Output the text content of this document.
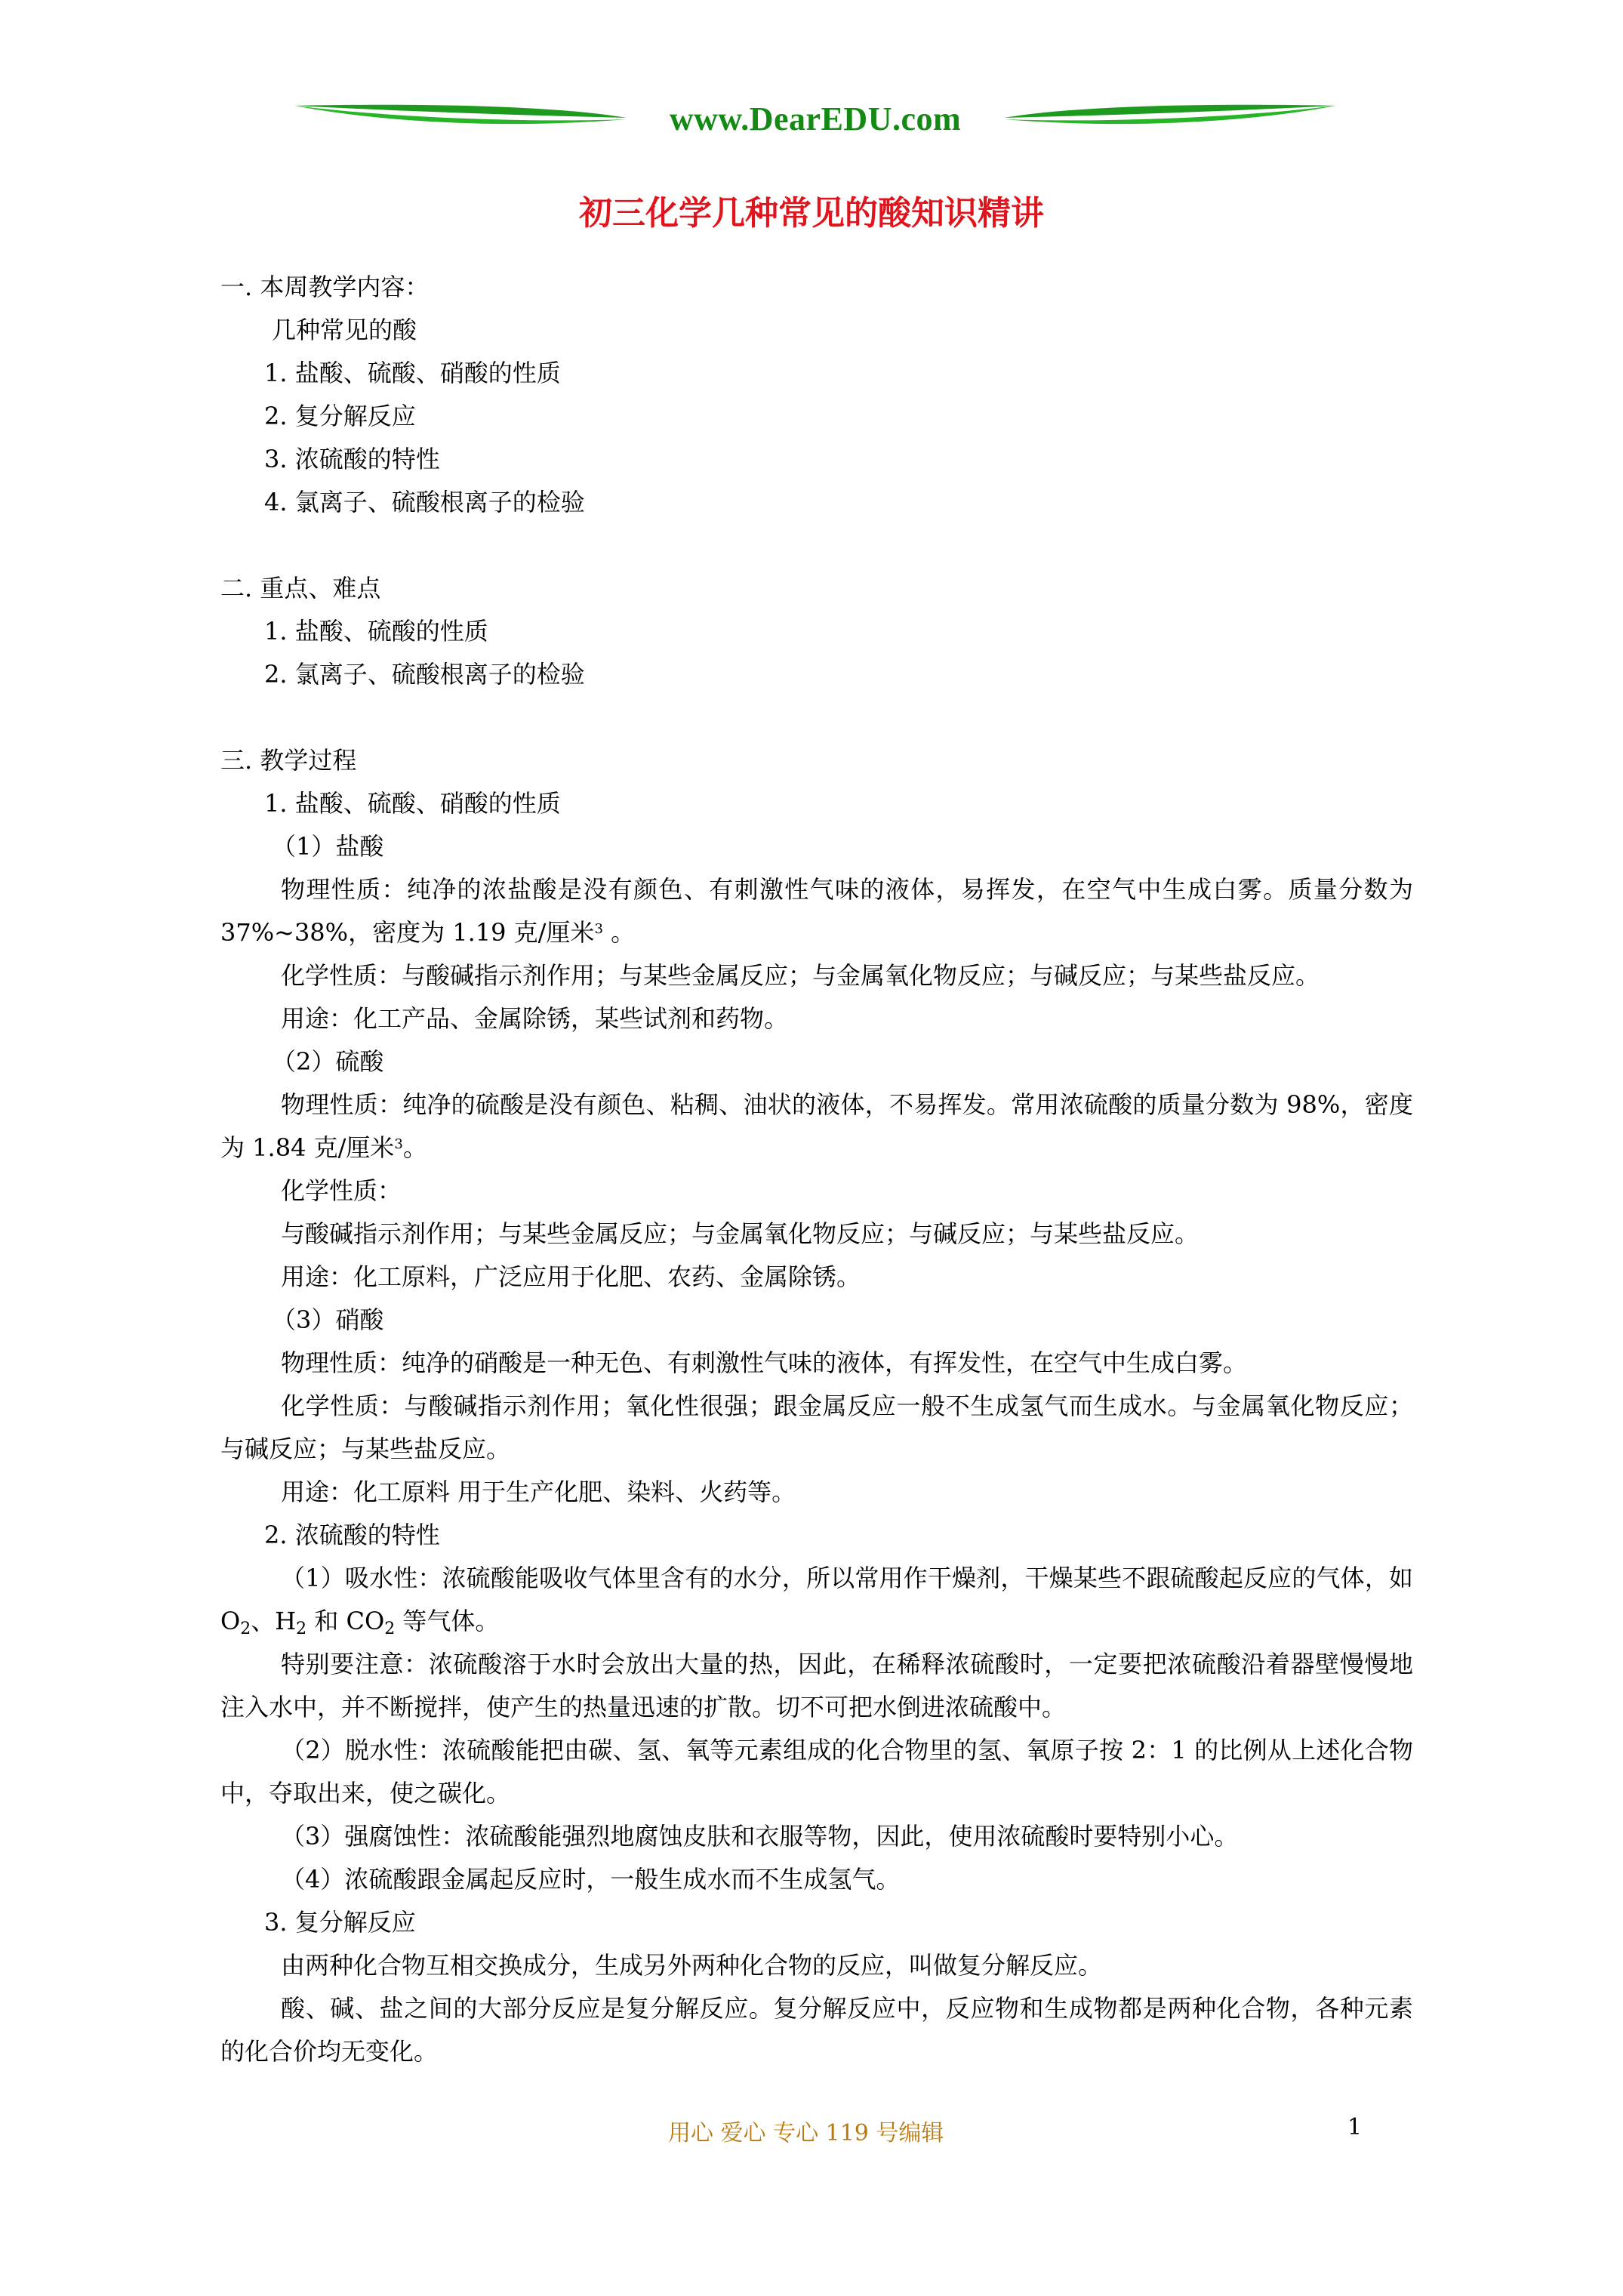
www.DearEDU.com
初三化学几种常见的酸知识精讲
一. 本周教学内容：
几种常见的酸
1. 盐酸、硫酸、硝酸的性质
2. 复分解反应
3. 浓硫酸的特性
4. 氯离子、硫酸根离子的检验
二. 重点、难点
1. 盐酸、硫酸的性质
2. 氯离子、硫酸根离子的检验
三. 教学过程
1. 盐酸、硫酸、硝酸的性质
（1）盐酸
物理性质：纯净的浓盐酸是没有颜色、有刺激性气味的液体，易挥发，在空气中生成白雾。质量分数为 37%~38%，密度为 1.19 克/厘米$^3$ 。
化学性质：与酸碱指示剂作用；与某些金属反应；与金属氧化物反应；与碱反应；与某些盐反应。
用途：化工产品、金属除锈，某些试剂和药物。
（2）硫酸
物理性质：纯净的硫酸是没有颜色、粘稠、油状的液体，不易挥发。常用浓硫酸的质量分数为 98%，密度为 1.84 克/厘米$^3$。
化学性质：
与酸碱指示剂作用；与某些金属反应；与金属氧化物反应；与碱反应；与某些盐反应。
用途：化工原料，广泛应用于化肥、农药、金属除锈。
（3）硝酸
物理性质：纯净的硝酸是一种无色、有刺激性气味的液体，有挥发性，在空气中生成白雾。
化学性质：与酸碱指示剂作用；氧化性很强；跟金属反应一般不生成氢气而生成水。与金属氧化物反应；与碱反应；与某些盐反应。
用途：化工原料 用于生产化肥、染料、火药等。
2. 浓硫酸的特性
（1）吸水性：浓硫酸能吸收气体里含有的水分，所以常用作干燥剂，干燥某些不跟硫酸起反应的气体，如 $O_2$、$H_2$ 和 $CO_2$ 等气体。
特别要注意：浓硫酸溶于水时会放出大量的热，因此，在稀释浓硫酸时，一定要把浓硫酸沿着器壁慢慢地注入水中，并不断搅拌，使产生的热量迅速的扩散。切不可把水倒进浓硫酸中。
（2）脱水性：浓硫酸能把由碳、氢、氧等元素组成的化合物里的氢、氧原子按 2：1 的比例从上述化合物中，夺取出来，使之碳化。
（3）强腐蚀性：浓硫酸能强烈地腐蚀皮肤和衣服等物，因此，使用浓硫酸时要特别小心。
（4）浓硫酸跟金属起反应时，一般生成水而不生成氢气。
3. 复分解反应
由两种化合物互相交换成分，生成另外两种化合物的反应，叫做复分解反应。
酸、碱、盐之间的大部分反应是复分解反应。复分解反应中，反应物和生成物都是两种化合物，各种元素的化合价均无变化。
用心 爱心 专心 119 号编辑	1
